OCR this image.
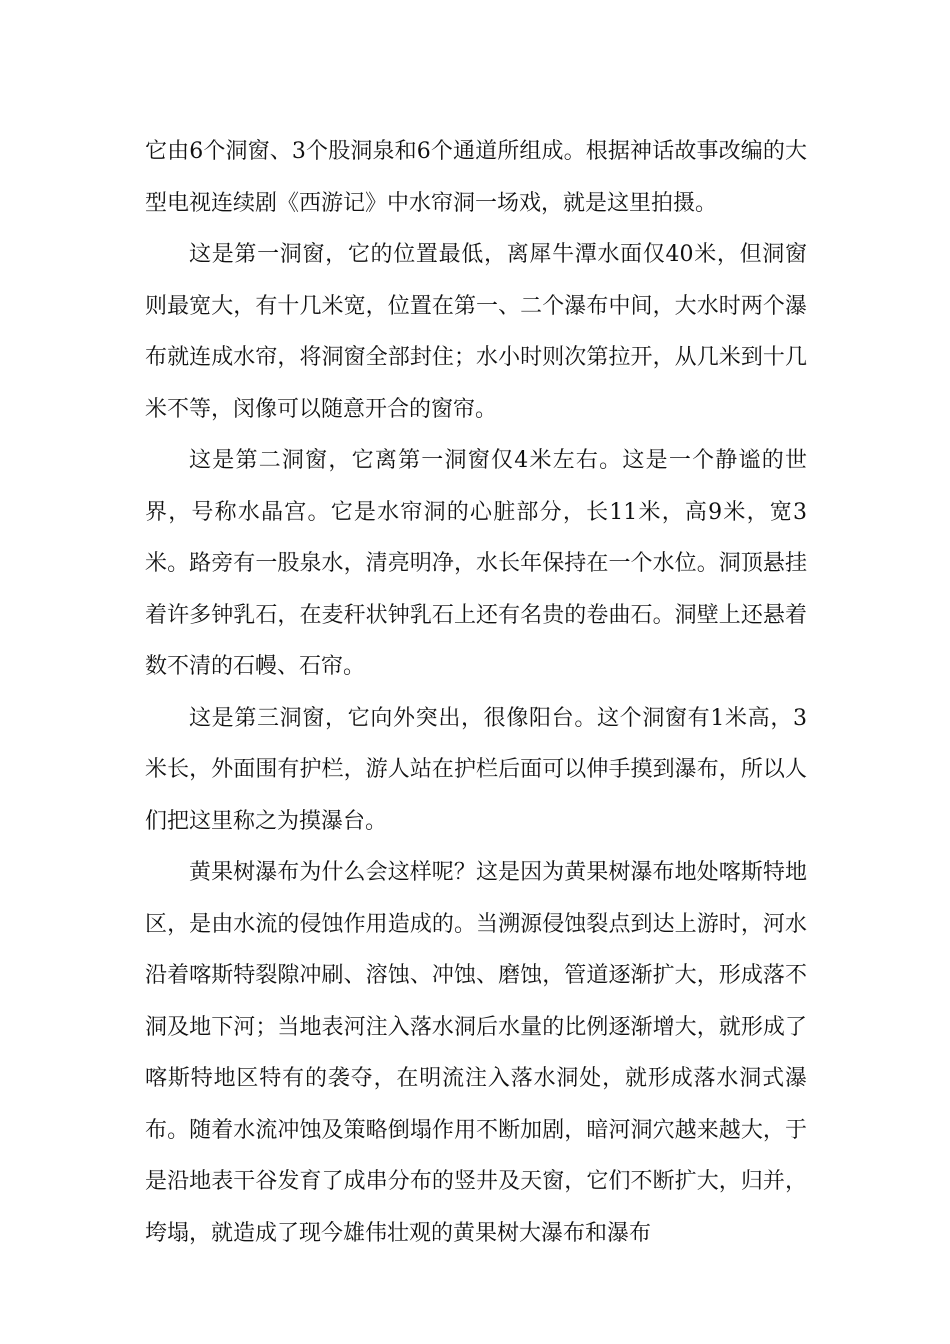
它由6个洞窗、3个股洞泉和6个通道所组成。根据神话故事改编的大型电视连续剧《西游记》中水帘洞一场戏，就是这里拍摄。

这是第一洞窗，它的位置最低，离犀牛潭水面仅40米，但洞窗则最宽大，有十几米宽，位置在第一、二个瀑布中间，大水时两个瀑布就连成水帘，将洞窗全部封住；水小时则次第拉开，从几米到十几米不等，闵像可以随意开合的窗帘。

这是第二洞窗，它离第一洞窗仅4米左右。这是一个静谧的世界，号称水晶宫。它是水帘洞的心脏部分，长11米，高9米，宽3米。路旁有一股泉水，清亮明净，水长年保持在一个水位。洞顶悬挂着许多钟乳石，在麦秆状钟乳石上还有名贵的卷曲石。洞壁上还悬着数不清的石幔、石帘。

这是第三洞窗，它向外突出，很像阳台。这个洞窗有1米高，3米长，外面围有护栏，游人站在护栏后面可以伸手摸到瀑布，所以人们把这里称之为摸瀑台。

黄果树瀑布为什么会这样呢？这是因为黄果树瀑布地处喀斯特地区，是由水流的侵蚀作用造成的。当溯源侵蚀裂点到达上游时，河水沿着喀斯特裂隙冲刷、溶蚀、冲蚀、磨蚀，管道逐渐扩大，形成落不洞及地下河；当地表河注入落水洞后水量的比例逐渐增大，就形成了喀斯特地区特有的袭夺，在明流注入落水洞处，就形成落水洞式瀑布。随着水流冲蚀及策略倒塌作用不断加剧，暗河洞穴越来越大，于是沿地表干谷发育了成串分布的竖井及天窗，它们不断扩大，归并，垮塌，就造成了现今雄伟壮观的黄果树大瀑布和瀑布
